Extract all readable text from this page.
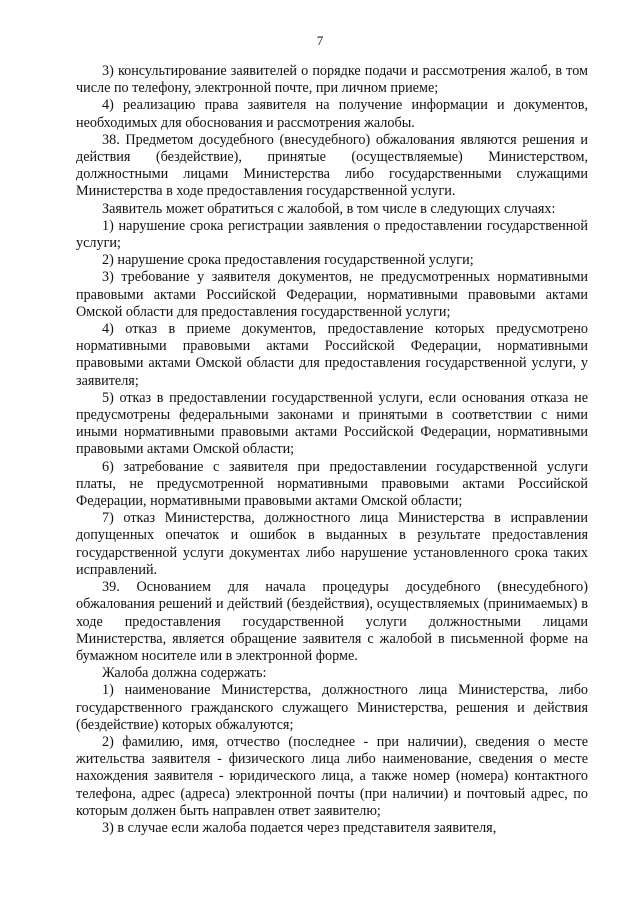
7

3) консультирование заявителей о порядке подачи и рассмотрения жалоб, в том числе по телефону, электронной почте, при личном приеме;

4) реализацию права заявителя на получение информации и документов, необходимых для обоснования и рассмотрения жалобы.

38. Предметом досудебного (внесудебного) обжалования являются решения и действия (бездействие), принятые (осуществляемые) Министерством, должностными лицами Министерства либо государственными служащими Министерства в ходе предоставления государственной услуги.

Заявитель может обратиться с жалобой, в том числе в следующих случаях:

1) нарушение срока регистрации заявления о предоставлении государственной услуги;

2) нарушение срока предоставления государственной услуги;

3) требование у заявителя документов, не предусмотренных нормативными правовыми актами Российской Федерации, нормативными правовыми актами Омской области для предоставления государственной услуги;

4) отказ в приеме документов, предоставление которых предусмотрено нормативными правовыми актами Российской Федерации, нормативными правовыми актами Омской области для предоставления государственной услуги, у заявителя;

5) отказ в предоставлении государственной услуги, если основания отказа не предусмотрены федеральными законами и принятыми в соответствии с ними иными нормативными правовыми актами Российской Федерации, нормативными правовыми актами Омской области;

6) затребование с заявителя при предоставлении государственной услуги платы, не предусмотренной нормативными правовыми актами Российской Федерации, нормативными правовыми актами Омской области;

7) отказ Министерства, должностного лица Министерства в исправлении допущенных опечаток и ошибок в выданных в результате предоставления государственной услуги документах либо нарушение установленного срока таких исправлений.

39. Основанием для начала процедуры досудебного (внесудебного) обжалования решений и действий (бездействия), осуществляемых (принимаемых) в ходе предоставления государственной услуги должностными лицами Министерства, является обращение заявителя с жалобой в письменной форме на бумажном носителе или в электронной форме.

Жалоба должна содержать:

1) наименование Министерства, должностного лица Министерства, либо государственного гражданского служащего Министерства, решения и действия (бездействие) которых обжалуются;

2) фамилию, имя, отчество (последнее - при наличии), сведения о месте жительства заявителя - физического лица либо наименование, сведения о месте нахождения заявителя - юридического лица, а также номер (номера) контактного телефона, адрес (адреса) электронной почты (при наличии) и почтовый адрес, по которым должен быть направлен ответ заявителю;

3) в случае если жалоба подается через представителя заявителя,
